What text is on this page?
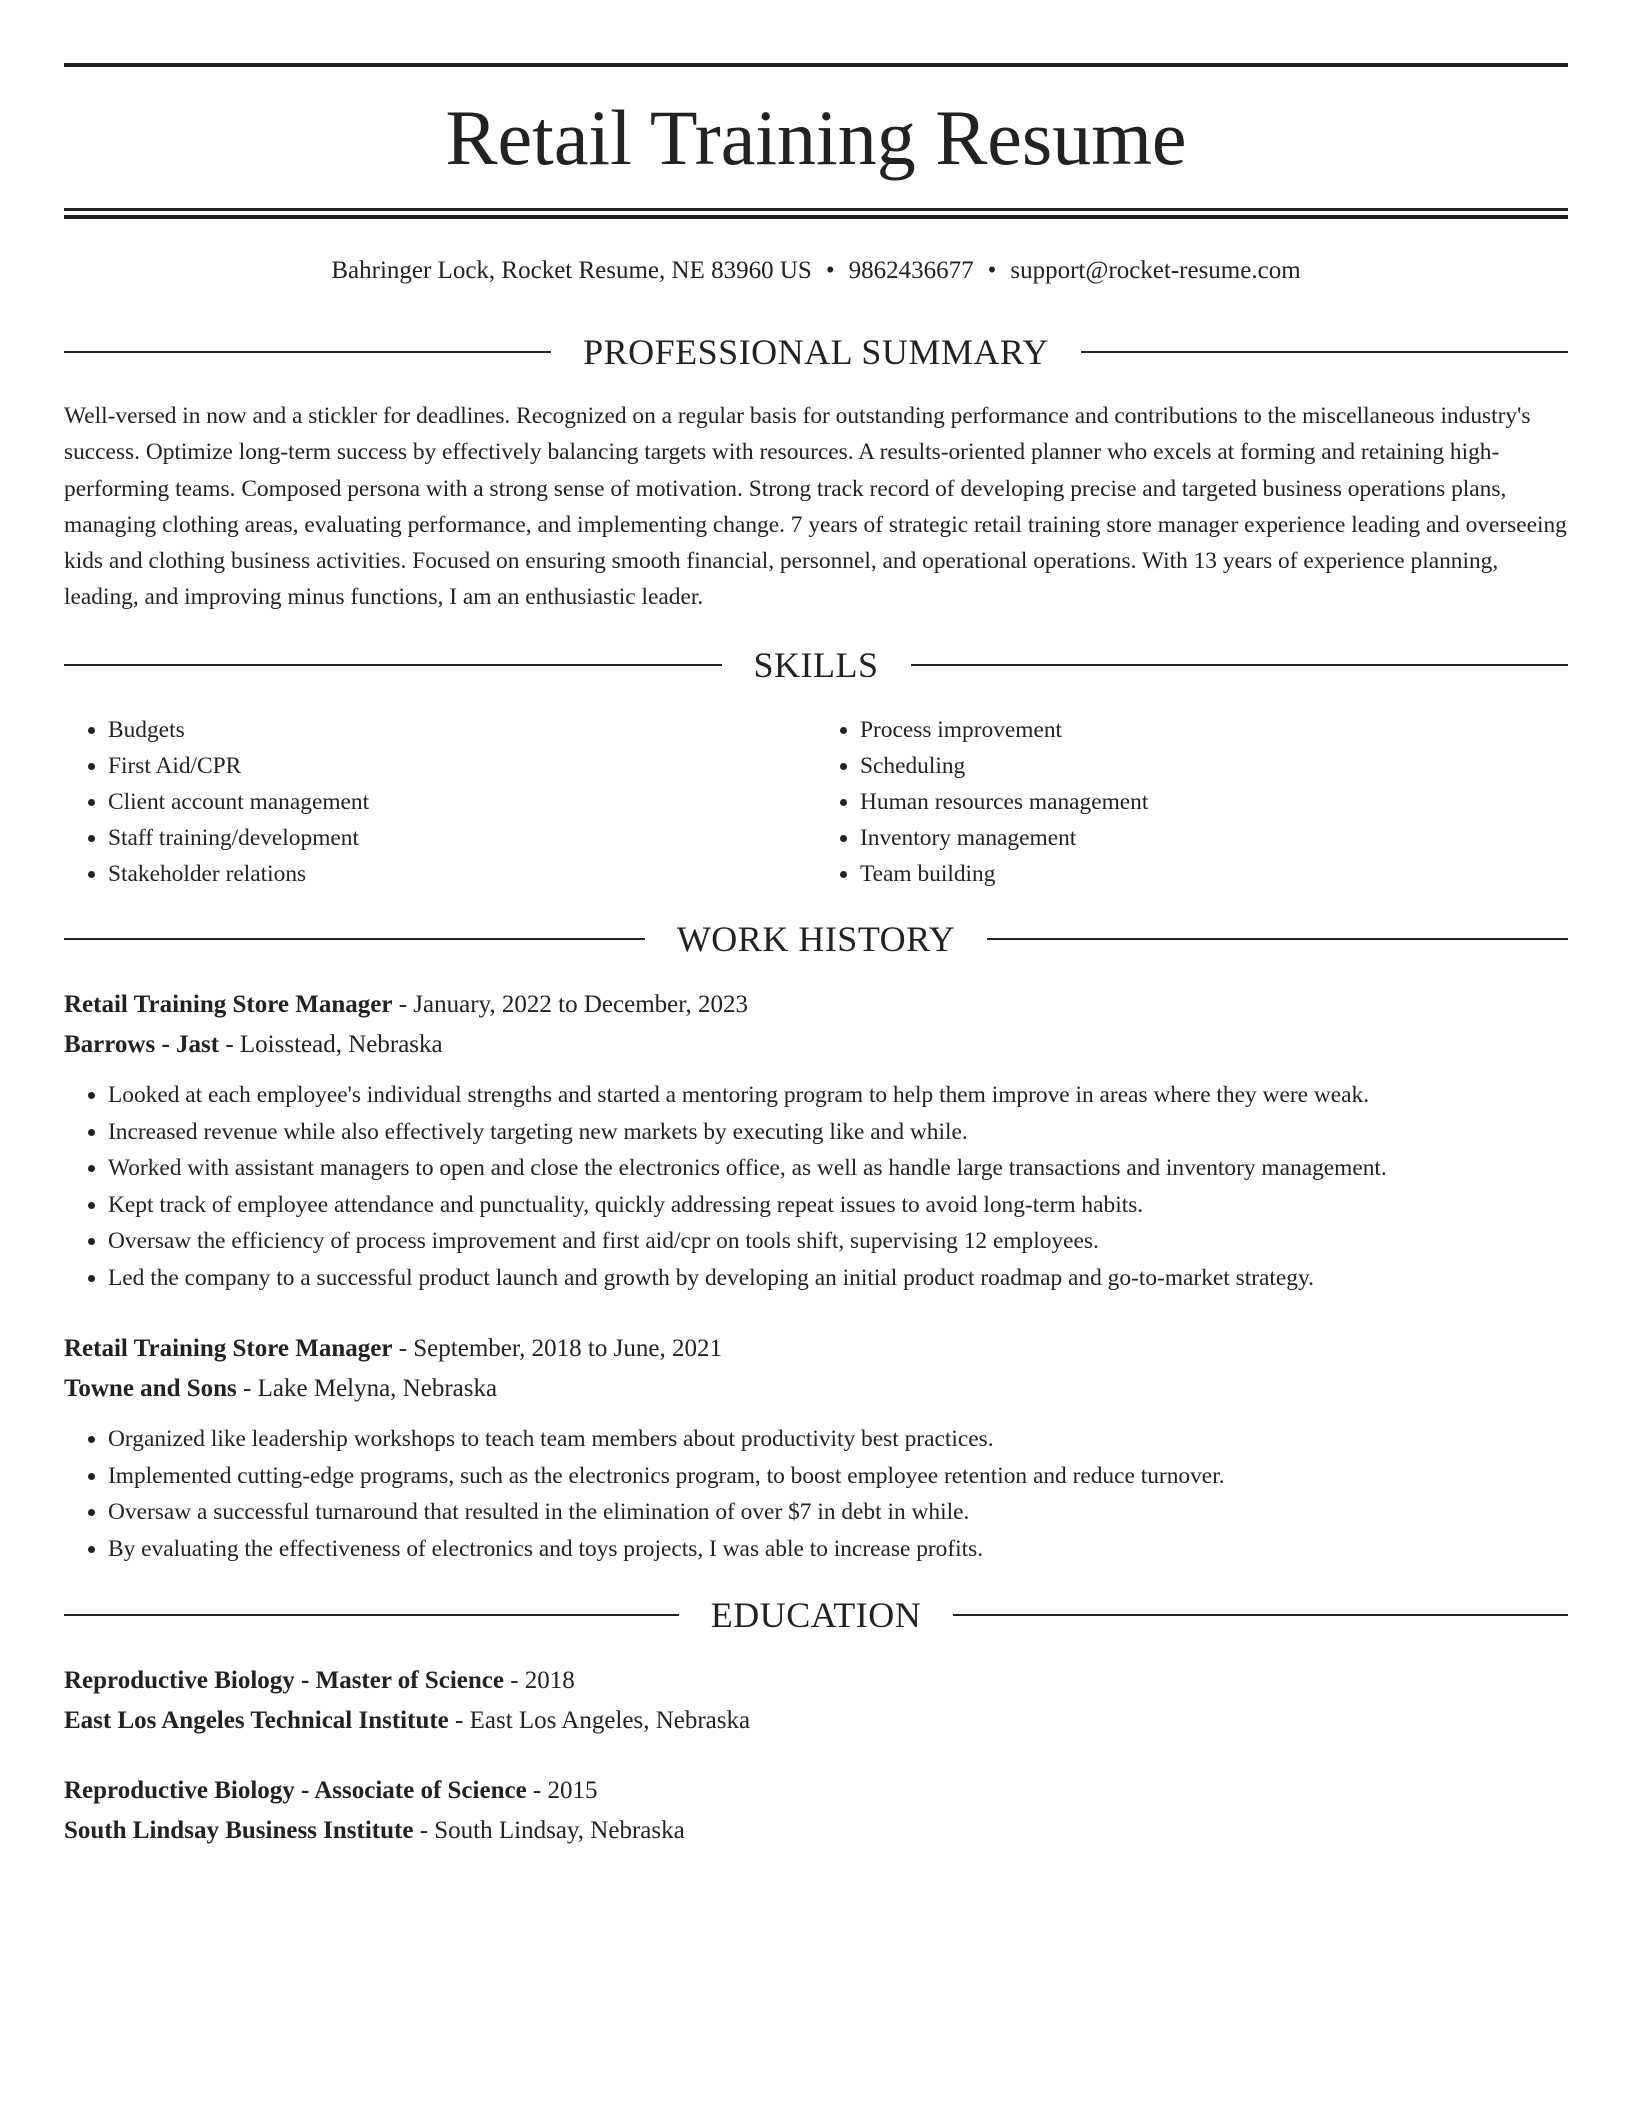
Retail Training Resume
Bahringer Lock, Rocket Resume, NE 83960 US • 9862436677 • support@rocket-resume.com
PROFESSIONAL SUMMARY

Well-versed in now and a stickler for deadlines. Recognized on a regular basis for outstanding performance and contributions to the miscellaneous industry's success. Optimize long-term success by effectively balancing targets with resources. A results-oriented planner who excels at forming and retaining high-performing teams. Composed persona with a strong sense of motivation. Strong track record of developing precise and targeted business operations plans, managing clothing areas, evaluating performance, and implementing change. 7 years of strategic retail training store manager experience leading and overseeing kids and clothing business activities. Focused on ensuring smooth financial, personnel, and operational operations. With 13 years of experience planning, leading, and improving minus functions, I am an enthusiastic leader.

SKILLS
• Budgets
• First Aid/CPR
• Client account management
• Staff training/development
• Stakeholder relations
• Process improvement
• Scheduling
• Human resources management
• Inventory management
• Team building
WORK HISTORY
Retail Training Store Manager - January, 2022 to December, 2023
Barrows - Jast - Loisstead, Nebraska
• Looked at each employee's individual strengths and started a mentoring program to help them improve in areas where they were weak.
• Increased revenue while also effectively targeting new markets by executing like and while.
• Worked with assistant managers to open and close the electronics office, as well as handle large transactions and inventory management.
• Kept track of employee attendance and punctuality, quickly addressing repeat issues to avoid long-term habits.
• Oversaw the efficiency of process improvement and first aid/cpr on tools shift, supervising 12 employees.
• Led the company to a successful product launch and growth by developing an initial product roadmap and go-to-market strategy.
Retail Training Store Manager - September, 2018 to June, 2021
Towne and Sons - Lake Melyna, Nebraska
• Organized like leadership workshops to teach team members about productivity best practices.
• Implemented cutting-edge programs, such as the electronics program, to boost employee retention and reduce turnover.
• Oversaw a successful turnaround that resulted in the elimination of over $7 in debt in while.
• By evaluating the effectiveness of electronics and toys projects, I was able to increase profits.
EDUCATION
Reproductive Biology - Master of Science - 2018
East Los Angeles Technical Institute - East Los Angeles, Nebraska
Reproductive Biology - Associate of Science - 2015
South Lindsay Business Institute - South Lindsay, Nebraska
